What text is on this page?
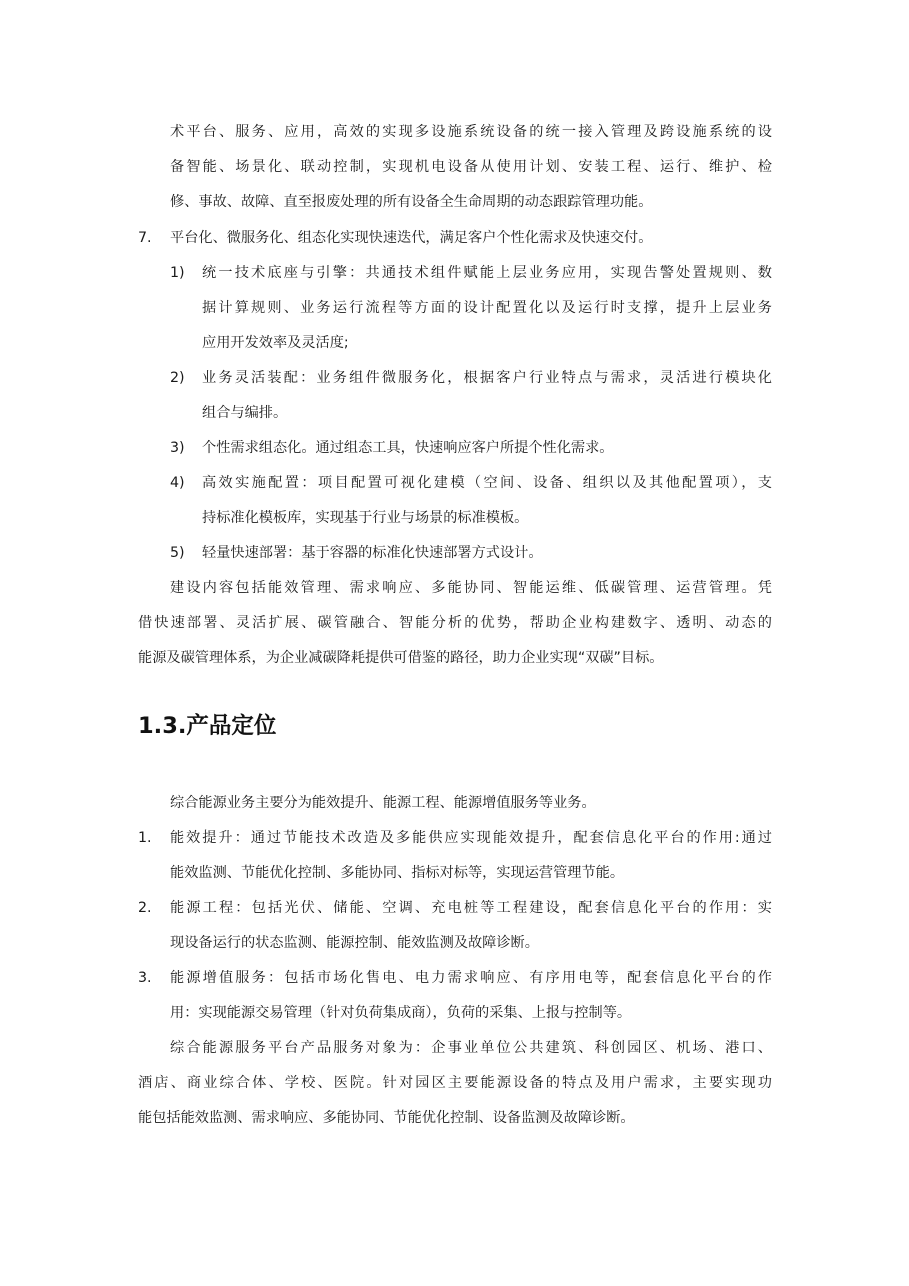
术平台、服务、应用，高效的实现多设施系统设备的统一接入管理及跨设施系统的设
备智能、场景化、联动控制，实现机电设备从使用计划、安装工程、运行、维护、检
修、事故、故障、直至报废处理的所有设备全生命周期的动态跟踪管理功能。
7. 平台化、微服务化、组态化实现快速迭代，满足客户个性化需求及快速交付。
1) 统一技术底座与引擎：共通技术组件赋能上层业务应用，实现告警处置规则、数
据计算规则、业务运行流程等方面的设计配置化以及运行时支撑，提升上层业务
应用开发效率及灵活度;
2) 业务灵活装配：业务组件微服务化，根据客户行业特点与需求，灵活进行模块化
组合与编排。
3) 个性需求组态化。通过组态工具，快速响应客户所提个性化需求。
4) 高效实施配置：项目配置可视化建模（空间、设备、组织以及其他配置项），支
持标准化模板库，实现基于行业与场景的标准模板。
5) 轻量快速部署：基于容器的标准化快速部署方式设计。
建设内容包括能效管理、需求响应、多能协同、智能运维、低碳管理、运营管理。凭
借快速部署、灵活扩展、碳管融合、智能分析的优势，帮助企业构建数字、透明、动态的
能源及碳管理体系，为企业减碳降耗提供可借鉴的路径，助力企业实现“双碳”目标。
1.3.产品定位
综合能源业务主要分为能效提升、能源工程、能源增值服务等业务。
1. 能效提升：通过节能技术改造及多能供应实现能效提升，配套信息化平台的作用:通过
能效监测、节能优化控制、多能协同、指标对标等，实现运营管理节能。
2. 能源工程：包括光伏、储能、空调、充电桩等工程建设，配套信息化平台的作用：实
现设备运行的状态监测、能源控制、能效监测及故障诊断。
3. 能源增值服务：包括市场化售电、电力需求响应、有序用电等，配套信息化平台的作
用：实现能源交易管理（针对负荷集成商），负荷的采集、上报与控制等。
综合能源服务平台产品服务对象为：企事业单位公共建筑、科创园区、机场、港口、
酒店、商业综合体、学校、医院。针对园区主要能源设备的特点及用户需求，主要实现功
能包括能效监测、需求响应、多能协同、节能优化控制、设备监测及故障诊断。
